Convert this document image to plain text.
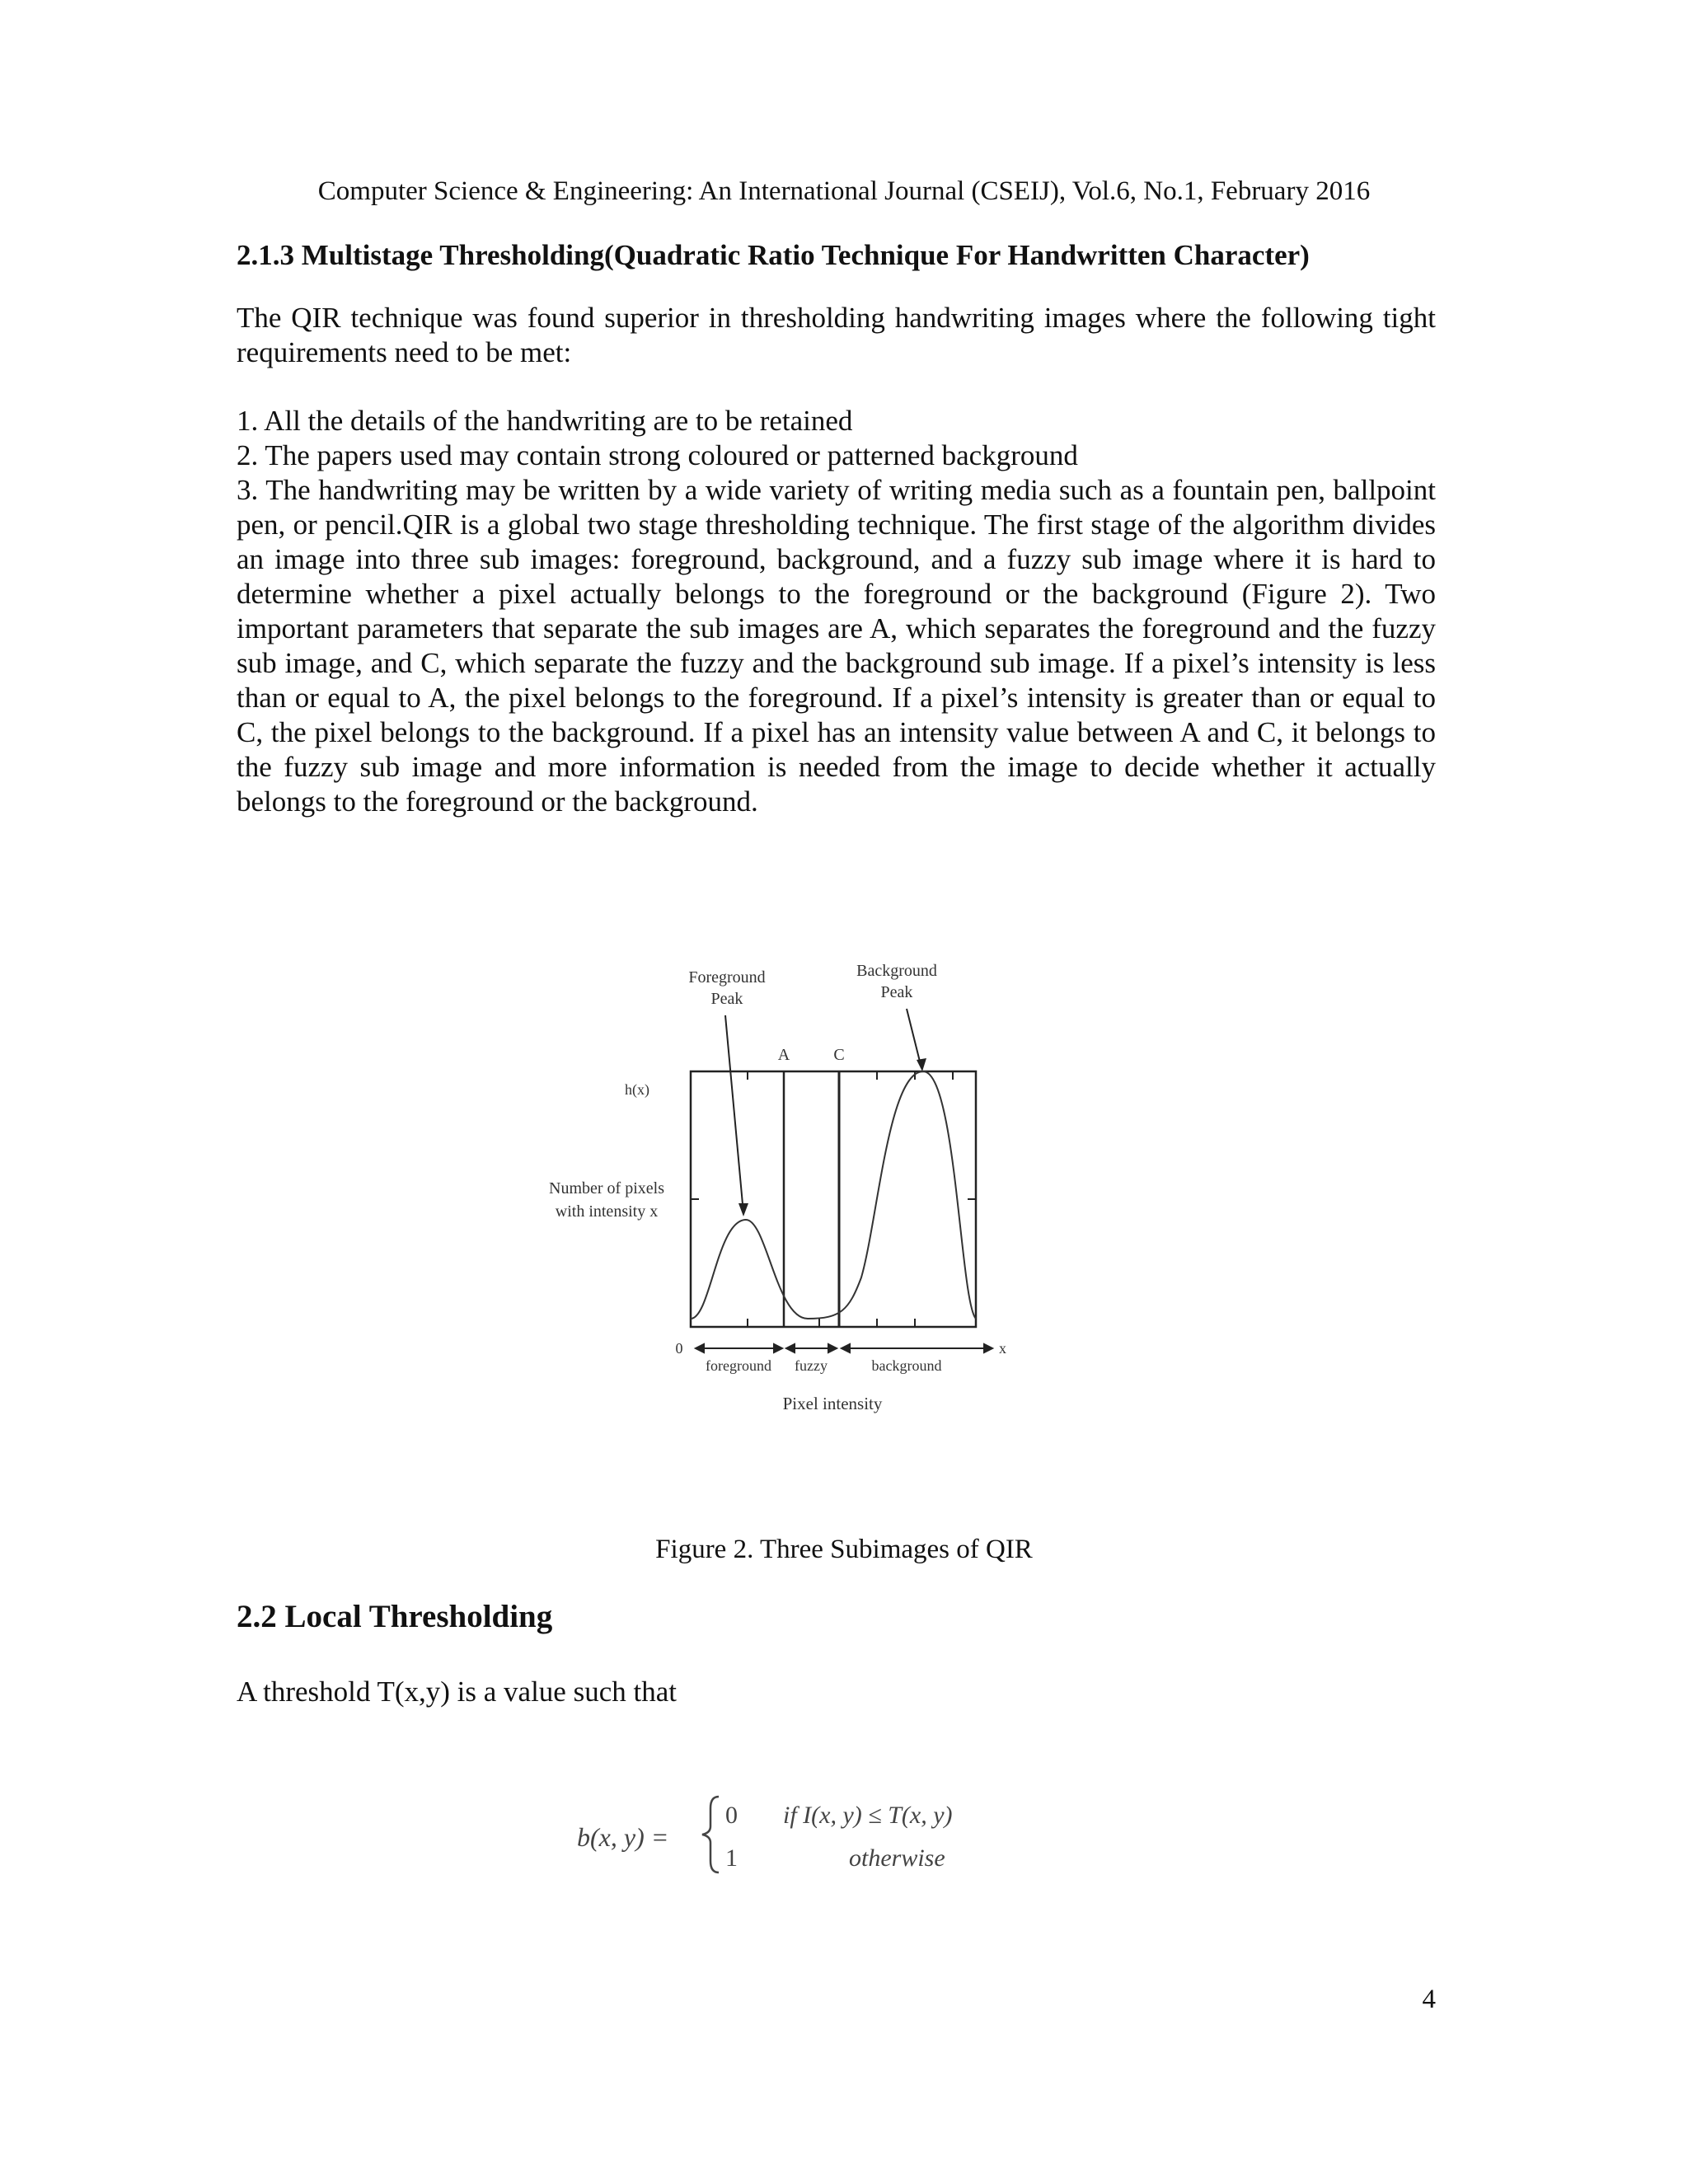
Computer Science & Engineering: An International Journal (CSEIJ), Vol.6, No.1, February 2016
2.1.3 Multistage Thresholding(Quadratic Ratio Technique For Handwritten Character)

The QIR technique was found superior in thresholding handwriting images where the following tight requirements need to be met:

1. All the details of the handwriting are to be retained
2. The papers used may contain strong coloured or patterned background
3. The handwriting may be written by a wide variety of writing media such as a fountain pen, ballpoint pen, or pencil.QIR is a global two stage thresholding technique. The first stage of the algorithm divides an image into three sub images: foreground, background, and a fuzzy sub image where it is hard to determine whether a pixel actually belongs to the foreground or the background (Figure 2). Two important parameters that separate the sub images are A, which separates the foreground and the fuzzy sub image, and C, which separate the fuzzy and the background sub image. If a pixel’s intensity is less than or equal to A, the pixel belongs to the foreground. If a pixel’s intensity is greater than or equal to C, the pixel belongs to the background. If a pixel has an intensity value between A and C, it belongs to the fuzzy sub image and more information is needed from the image to decide whether it actually belongs to the foreground or the background.
Foreground
Peak
Background
Peak
A	C
h(x)
Number of pixels
with intensity x
0	x
foreground fuzzy	background
Pixel intensity
Figure 2. Three Subimages of QIR
2.2 Local Thresholding
A threshold T(x,y) is a value such that
b(x, y) =
0 if I(x, y) ≤ T(x, y)
1	otherwise
4
